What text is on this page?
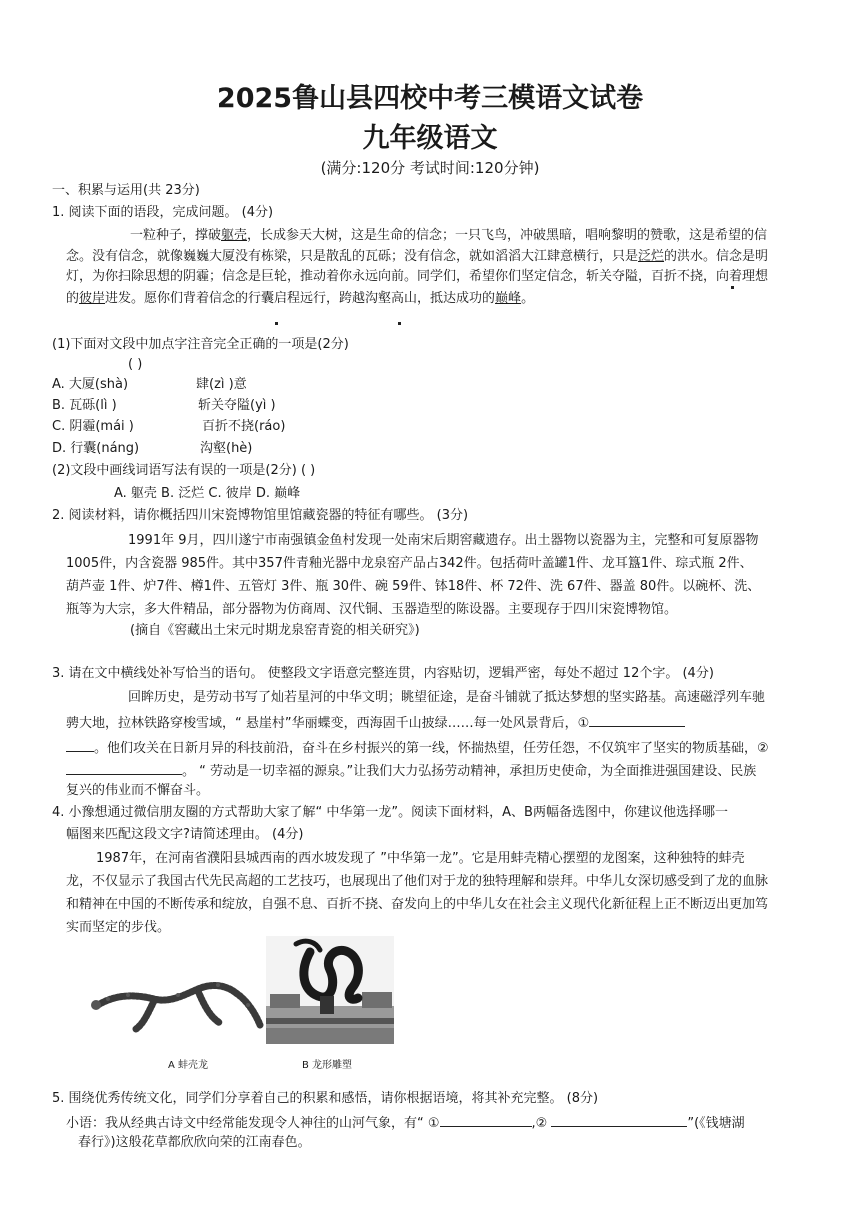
2025鲁山县四校中考三模语文试卷
九年级语文

(满分:120分 考试时间:120分钟)

一、积累与运用(共 23分)

1. 阅读下面的语段，完成问题。 (4分)

一粒种子，撑破躯壳，长成参天大树，这是生命的信念；一只飞鸟，冲破黑暗，唱响黎明的赞歌，这是希望的信

念。没有信念，就像巍巍大厦没有栋梁，只是散乱的瓦砾；没有信念，就如滔滔大江肆意横行，只是泛烂的洪水。信念是明

灯，为你扫除思想的阴霾；信念是巨轮，推动着你永远向前。同学们，希望你们坚定信念，斩关夺隘，百折不挠，向着理想

的彼岸进发。愿你们背着信念的行囊启程远行，跨越沟壑高山，抵达成功的巅峰。

(1)下面对文段中加点字注音完全正确的一项是(2分)

( )

A. 大厦(shà)	肆(zì )意

B. 瓦砾(lì )	斩关夺隘(yì )

C. 阴霾(mái )	百折不挠(ráo)

D. 行囊(náng)	沟壑(hè)

(2)文段中画线词语写法有误的一项是(2分) ( )

A. 躯壳 B. 泛烂 C. 彼岸 D. 巅峰

2. 阅读材料，请你概括四川宋瓷博物馆里馆藏瓷器的特征有哪些。 (3分)

1991年 9月，四川遂宁市南强镇金鱼村发现一处南宋后期窖藏遗存。出土器物以瓷器为主，完整和可复原器物

1005件，内含瓷器 985件。其中357件青釉光器中龙泉窑产品占342件。包括荷叶盖罐1件、龙耳簋1件、琮式瓶 2件、

葫芦壶 1件、炉7件、樽1件、五管灯 3件、瓶 30件、碗 59件、钵18件、杯 72件、洗 67件、器盖 80件。以碗杯、洗、

瓶等为大宗，多大件精品，部分器物为仿商周、汉代铜、玉器造型的陈设器。主要现存于四川宋瓷博物馆。

(摘自《窖藏出土宋元时期龙泉窑青瓷的相关研究》)

3. 请在文中横线处补写恰当的语句。 使整段文字语意完整连贯，内容贴切，逻辑严密，每处不超过 12个字。 (4分)

回眸历史，是劳动书写了灿若星河的中华文明；眺望征途，是奋斗铺就了抵达梦想的坚实路基。高速磁浮列车驰

骋大地，拉林铁路穿梭雪域，“ 悬崖村”华丽蝶变，西海固千山披绿……每一处风景背后，①

。他们攻关在日新月异的科技前沿，奋斗在乡村振兴的第一线，怀揣热望，任劳任怨，不仅筑牢了坚实的物质基础，②

。 “ 劳动是一切幸福的源泉。”让我们大力弘扬劳动精神，承担历史使命，为全面推进强国建设、民族

复兴的伟业而不懈奋斗。

4. 小豫想通过微信朋友圈的方式帮助大家了解“ 中华第一龙”。阅读下面材料，A、B两幅备选图中，你建议他选择哪一

幅图来匹配这段文字?请简述理由。 (4分)

1987年，在河南省濮阳县城西南的西水坡发现了 ”中华第一龙”。它是用蚌壳精心摆塑的龙图案，这种独特的蚌壳

龙，不仅显示了我国古代先民高超的工艺技巧，也展现出了他们对于龙的独特理解和崇拜。中华儿女深切感受到了龙的血脉

和精神在中国的不断传承和绽放，自强不息、百折不挠、奋发向上的中华儿女在社会主义现代化新征程上正不断迈出更加笃

实而坚定的步伐。

A 蚌壳龙	B 龙形雕塑

5. 围绕优秀传统文化，同学们分享着自己的积累和感悟，请你根据语境，将其补充完整。 (8分)

小语：我从经典古诗文中经常能发现令人神往的山河气象，有“ ①	,②	”(《钱塘湖

春行》)这般花草都欣欣向荣的江南春色。
